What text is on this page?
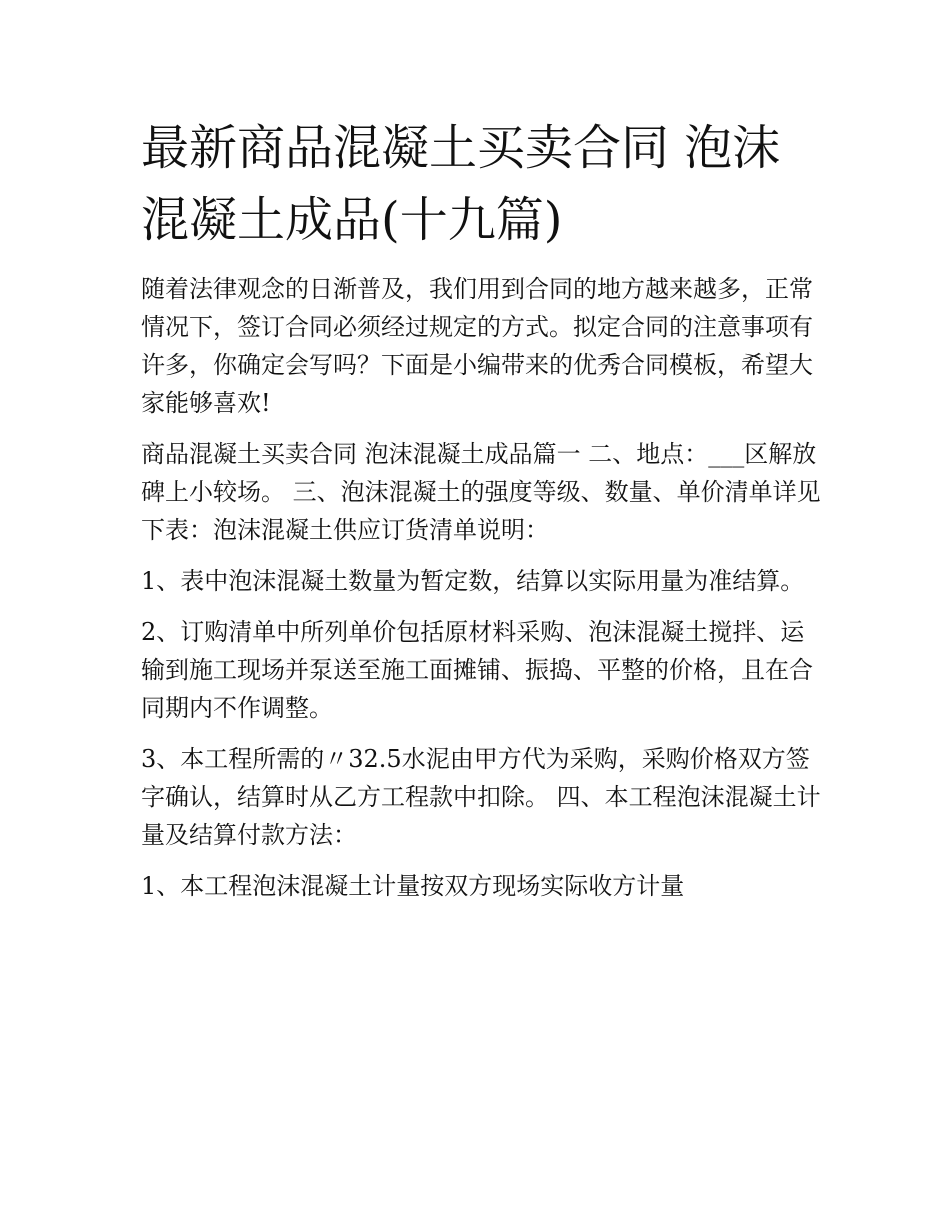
最新商品混凝土买卖合同 泡沫混凝土成品(十九篇)

随着法律观念的日渐普及，我们用到合同的地方越来越多，正常情况下，签订合同必须经过规定的方式。拟定合同的注意事项有许多，你确定会写吗？下面是小编带来的优秀合同模板，希望大家能够喜欢!

商品混凝土买卖合同 泡沫混凝土成品篇一 二、地点：___区解放碑上小较场。 三、泡沫混凝土的强度等级、数量、单价清单详见下表：泡沫混凝土供应订货清单说明：

1、表中泡沫混凝土数量为暂定数，结算以实际用量为准结算。

2、订购清单中所列单价包括原材料采购、泡沫混凝土搅拌、运输到施工现场并泵送至施工面摊铺、振捣、平整的价格，且在合同期内不作调整。

3、本工程所需的〃32.5水泥由甲方代为采购，采购价格双方签字确认，结算时从乙方工程款中扣除。 四、本工程泡沫混凝土计量及结算付款方法：

1、本工程泡沫混凝土计量按双方现场实际收方计量
